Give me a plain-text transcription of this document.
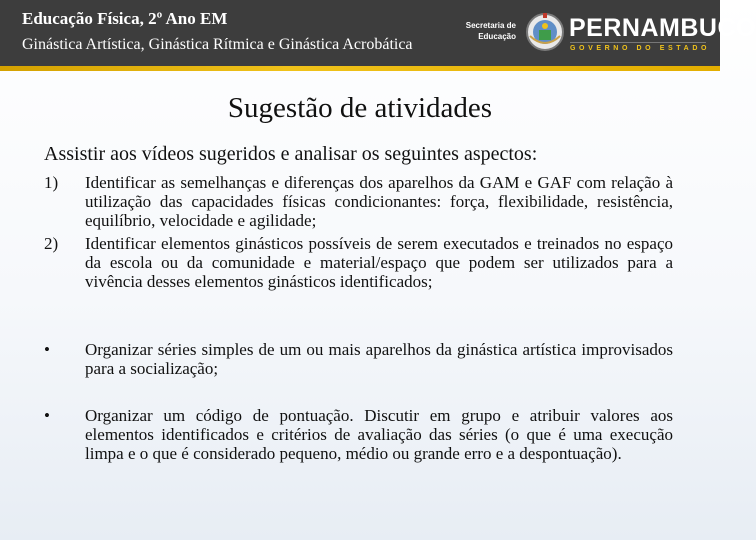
Educação Física, 2º Ano EM
Ginástica Artística, Ginástica Rítmica e Ginástica Acrobática
Secretaria de
Educação PERNAMBUCO
GOVERNO DO ESTADO
Sugestão de atividades
Assistir aos vídeos sugeridos e analisar os seguintes aspectos:
1) Identificar as semelhanças e diferenças dos aparelhos da GAM e GAF com relação à utilização das capacidades físicas condicionantes: força, flexibilidade, resistência, equilíbrio, velocidade e agilidade;
2) Identificar elementos ginásticos possíveis de serem executados e treinados no espaço da escola ou da comunidade e material/espaço que podem ser utilizados para a vivência desses elementos ginásticos identificados;
• Organizar séries simples de um ou mais aparelhos da ginástica artística improvisados para a socialização;
• Organizar um código de pontuação. Discutir em grupo e atribuir valores aos elementos identificados e critérios de avaliação das séries (o que é uma execução limpa e o que é considerado pequeno, médio ou grande erro e a despontuação).
